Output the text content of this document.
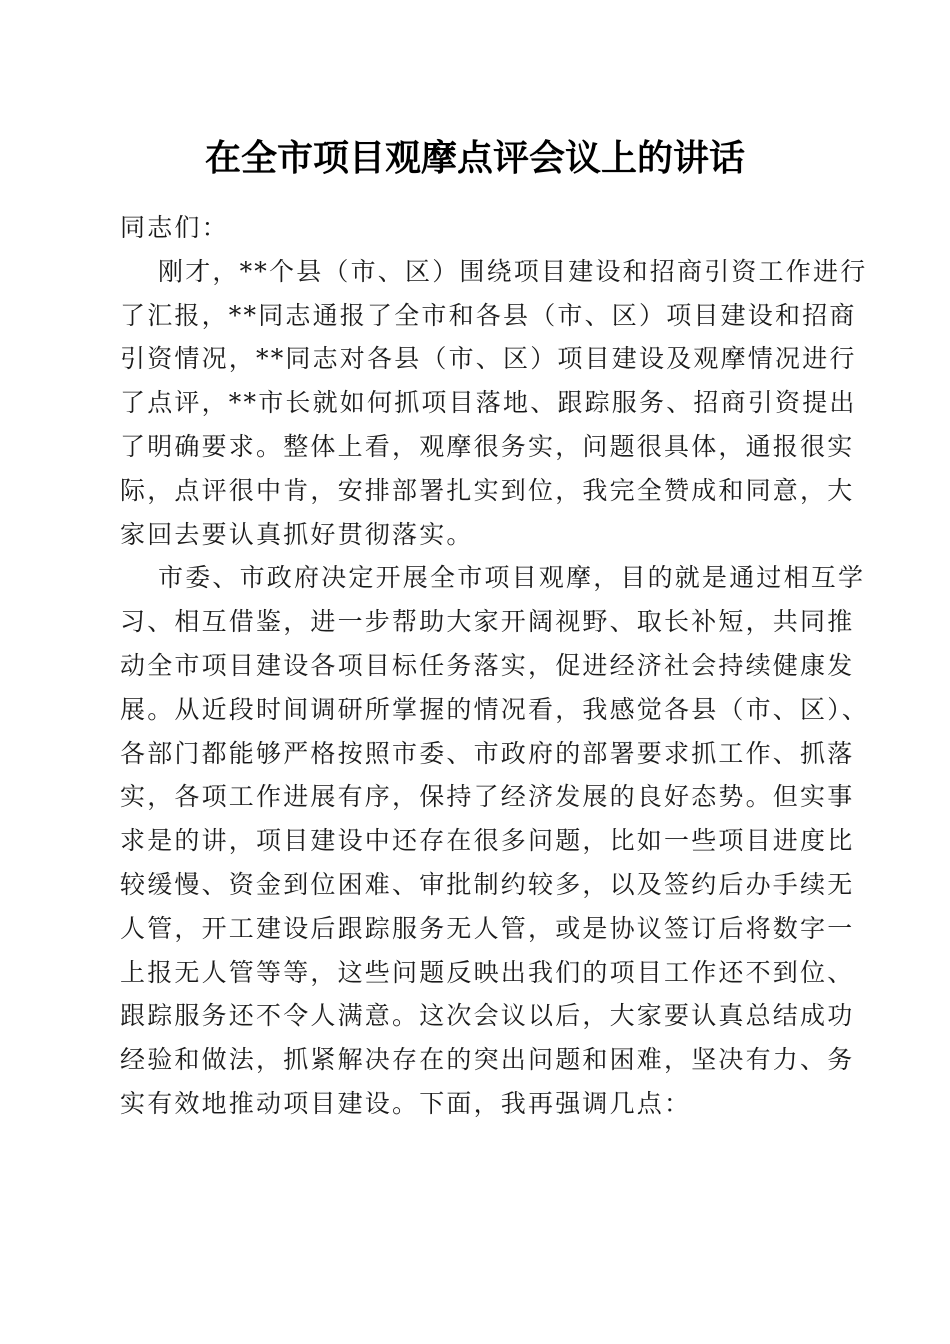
在全市项目观摩点评会议上的讲话
同志们：
刚才，**个县（市、区）围绕项目建设和招商引资工作进行
了汇报，**同志通报了全市和各县（市、区）项目建设和招商
引资情况，**同志对各县（市、区）项目建设及观摩情况进行
了点评，**市长就如何抓项目落地、跟踪服务、招商引资提出
了明确要求。整体上看，观摩很务实，问题很具体，通报很实
际，点评很中肯，安排部署扎实到位，我完全赞成和同意，大
家回去要认真抓好贯彻落实。
市委、市政府决定开展全市项目观摩，目的就是通过相互学
习、相互借鉴，进一步帮助大家开阔视野、取长补短，共同推
动全市项目建设各项目标任务落实，促进经济社会持续健康发
展。从近段时间调研所掌握的情况看，我感觉各县（市、区）、
各部门都能够严格按照市委、市政府的部署要求抓工作、抓落
实，各项工作进展有序，保持了经济发展的良好态势。但实事
求是的讲，项目建设中还存在很多问题，比如一些项目进度比
较缓慢、资金到位困难、审批制约较多，以及签约后办手续无
人管，开工建设后跟踪服务无人管，或是协议签订后将数字一
上报无人管等等，这些问题反映出我们的项目工作还不到位、
跟踪服务还不令人满意。这次会议以后，大家要认真总结成功
经验和做法，抓紧解决存在的突出问题和困难，坚决有力、务
实有效地推动项目建设。下面，我再强调几点：
